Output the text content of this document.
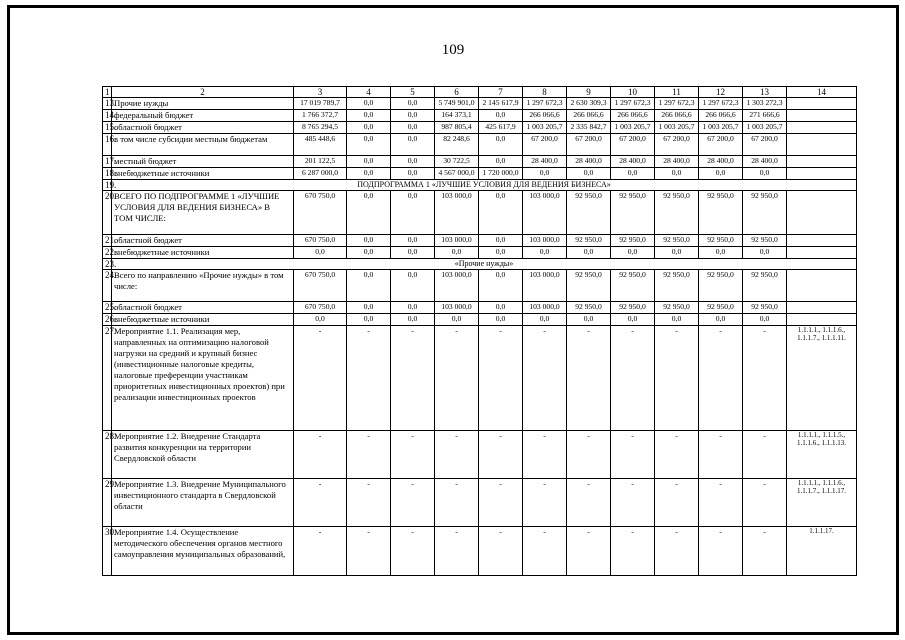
109
1	2	3	4	5	6	7	8	9	10	11	12	13	14
13.	Прочие нужды	17 019 789,7	0,0	0,0	5 749 901,0	2 145 617,9	1 297 672,3	2 630 309,3	1 297 672,3	1 297 672,3	1 297 672,3	1 303 272,3	
14.	федеральный бюджет	1 766 372,7	0,0	0,0	164 373,1	0,0	266 066,6	266 066,6	266 066,6	266 066,6	266 066,6	271 666,6	
15.	областной бюджет	8 765 294,5	0,0	0,0	987 805,4	425 617,9	1 003 205,7	2 335 842,7	1 003 205,7	1 003 205,7	1 003 205,7	1 003 205,7	
16.	в том числе субсидии местным бюджетам	485 448,6	0,0	0,0	82 248,6	0,0	67 200,0	67 200,0	67 200,0	67 200,0	67 200,0	67 200,0	
17.	местный бюджет	201 122,5	0,0	0,0	30 722,5	0,0	28 400,0	28 400,0	28 400,0	28 400,0	28 400,0	28 400,0	
18.	внебюджетные источники	6 287 000,0	0,0	0,0	4 567 000,0	1 720 000,0	0,0	0,0	0,0	0,0	0,0	0,0	
19.	ПОДПРОГРАММА 1 «ЛУЧШИЕ УСЛОВИЯ ДЛЯ ВЕДЕНИЯ БИЗНЕСА»												
20.	ВСЕГО ПО ПОДПРОГРАММЕ 1 «ЛУЧШИЕ УСЛОВИЯ ДЛЯ ВЕДЕНИЯ БИЗНЕСА» В ТОМ ЧИСЛЕ:	670 750,0	0,0	0,0	103 000,0	0,0	103 000,0	92 950,0	92 950,0	92 950,0	92 950,0	92 950,0	
21.	областной бюджет	670 750,0	0,0	0,0	103 000,0	0,0	103 000,0	92 950,0	92 950,0	92 950,0	92 950,0	92 950,0	
22.	внебюджетные источники	0,0	0,0	0,0	0,0	0,0	0,0	0,0	0,0	0,0	0,0	0,0	
23.	«Прочие нужды»												
24.	Всего по направлению «Прочие нужды» в том числе:	670 750,0	0,0	0,0	103 000,0	0,0	103 000,0	92 950,0	92 950,0	92 950,0	92 950,0	92 950,0	
25.	областной бюджет	670 750,0	0,0	0,0	103 000,0	0,0	103 000,0	92 950,0	92 950,0	92 950,0	92 950,0	92 950,0	
26.	внебюджетные источники	0,0	0,0	0,0	0,0	0,0	0,0	0,0	0,0	0,0	0,0	0,0	
27.	Мероприятие 1.1. Реализация мер, направленных на оптимизацию налоговой нагрузки на средний и крупный бизнес (инвестиционные налоговые кредиты, налоговые преференции участникам приоритетных инвестиционных проектов) при реализации инвестиционных проектов	-	-	-	-	-	-	-	-	-	-	-	1.1.1.1., 1.1.1.6., 1.1.1.7., 1.1.1.11.
28.	Мероприятие 1.2. Внедрение Стандарта развития конкуренции на территории Свердловской области	-	-	-	-	-	-	-	-	-	-	-	1.1.1.1., 1.1.1.5., 1.1.1.6., 1.1.1.13.
29.	Мероприятие 1.3. Внедрение Муниципального инвестиционного стандарта в Свердловской области	-	-	-	-	-	-	-	-	-	-	-	1.1.1.1., 1.1.1.6., 1.1.1.7., 1.1.1.17.
30.	Мероприятие 1.4. Осуществление методического обеспечения органов местного самоуправления муниципальных образований,	-	-	-	-	-	-	-	-	-	-	-	1.1.1.17.
